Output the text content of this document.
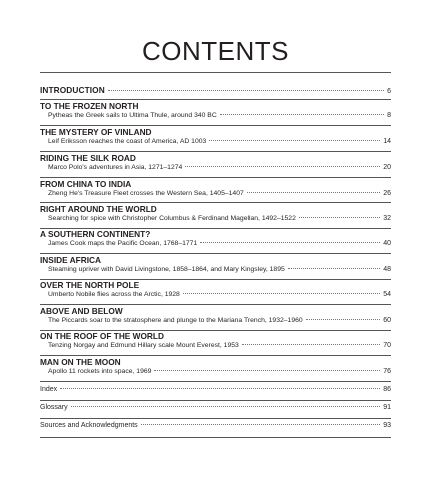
CONTENTS
INTRODUCTION	6
TO THE FROZEN NORTH
Pytheas the Greek sails to Ultima Thule, around 340 BC	8
THE MYSTERY OF VINLAND
Leif Eriksson reaches the coast of America, AD 1003	14
RIDING THE SILK ROAD
Marco Polo's adventures in Asia, 1271–1274	20
FROM CHINA TO INDIA
Zheng He's Treasure Fleet crosses the Western Sea, 1405–1407	26
RIGHT AROUND THE WORLD
Searching for spice with Christopher Columbus & Ferdinand Magellan, 1492–1522	32
A SOUTHERN CONTINENT?
James Cook maps the Pacific Ocean, 1768–1771	40
INSIDE AFRICA
Steaming upriver with David Livingstone, 1858–1864, and Mary Kingsley, 1895	48
OVER THE NORTH POLE
Umberto Nobile flies across the Arctic, 1928	54
ABOVE AND BELOW
The Piccards soar to the stratosphere and plunge to the Mariana Trench, 1932–1960	60
ON THE ROOF OF THE WORLD
Tenzing Norgay and Edmund Hillary scale Mount Everest, 1953	70
MAN ON THE MOON
Apollo 11 rockets into space, 1969	76
Index	86
Glossary	91
Sources and Acknowledgments	93
